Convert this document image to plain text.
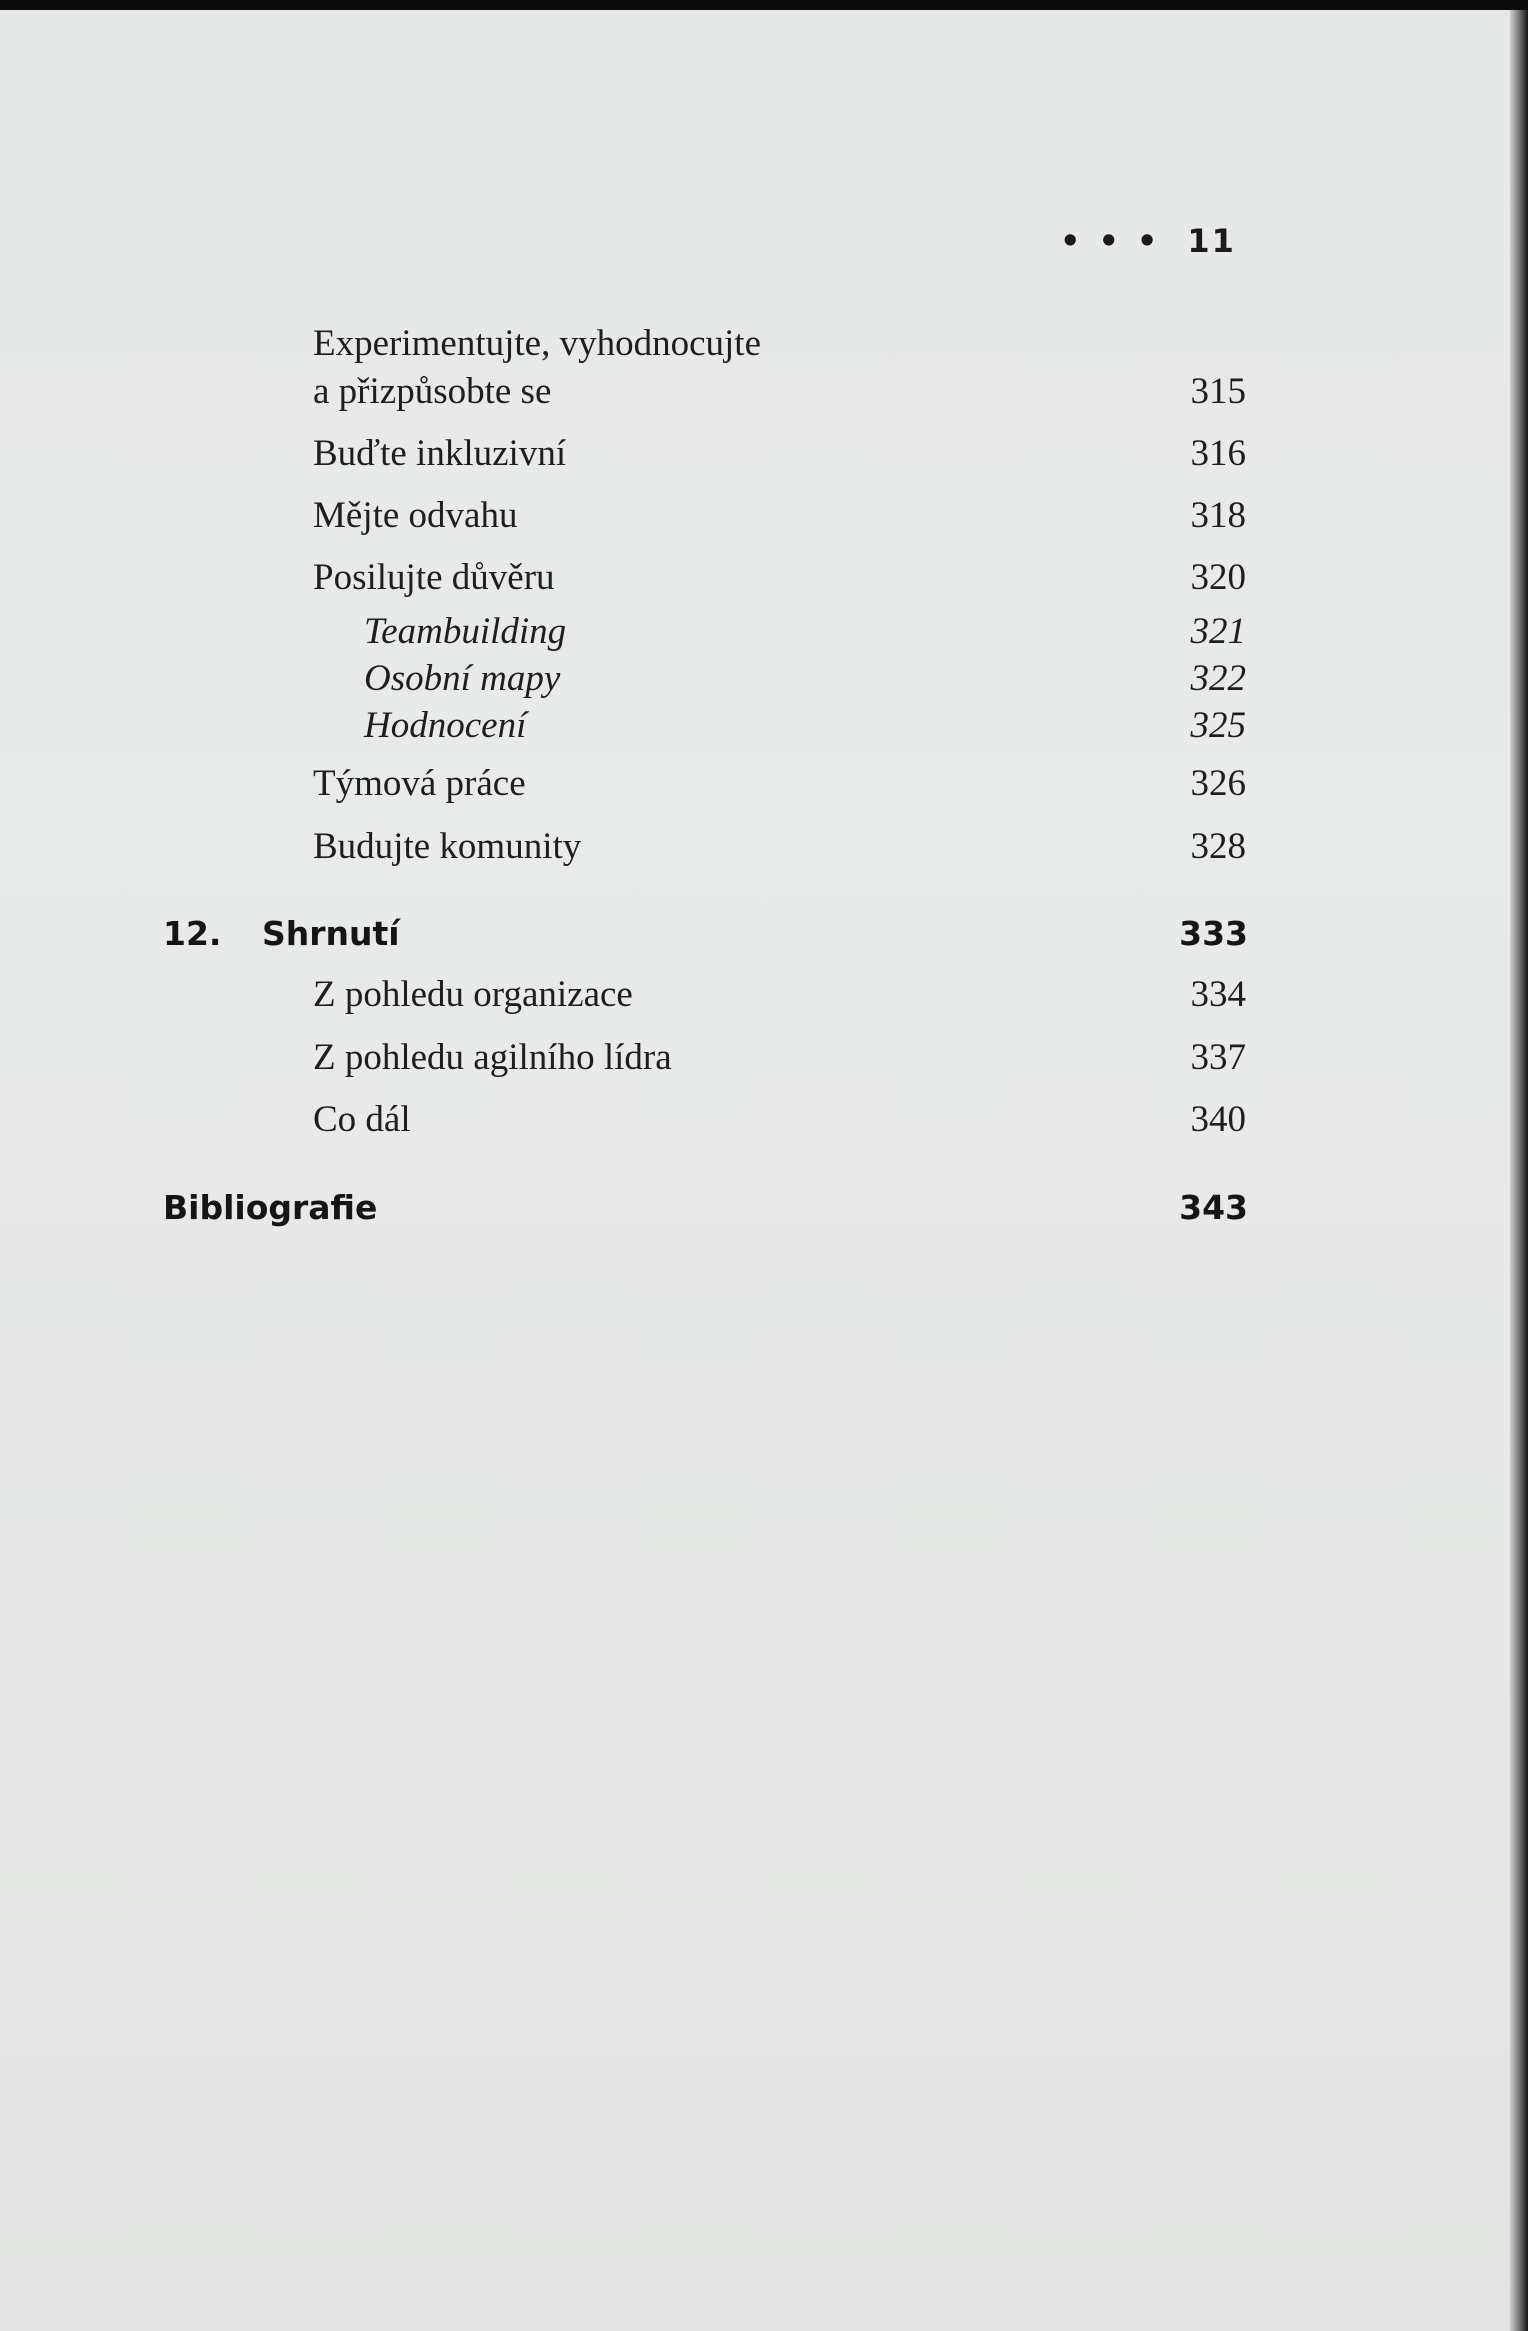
••• 11
Experimentujte, vyhodnocujte
a přizpůsobte se	315
Buďte inkluzivní	316
Mějte odvahu	318
Posilujte důvěru	320
Teambuilding	321
Osobní mapy	322
Hodnocení	325
Týmová práce	326
Budujte komunity	328
12. Shrnutí	333
Z pohledu organizace	334
Z pohledu agilního lídra	337
Co dál	340
Bibliografie	343
